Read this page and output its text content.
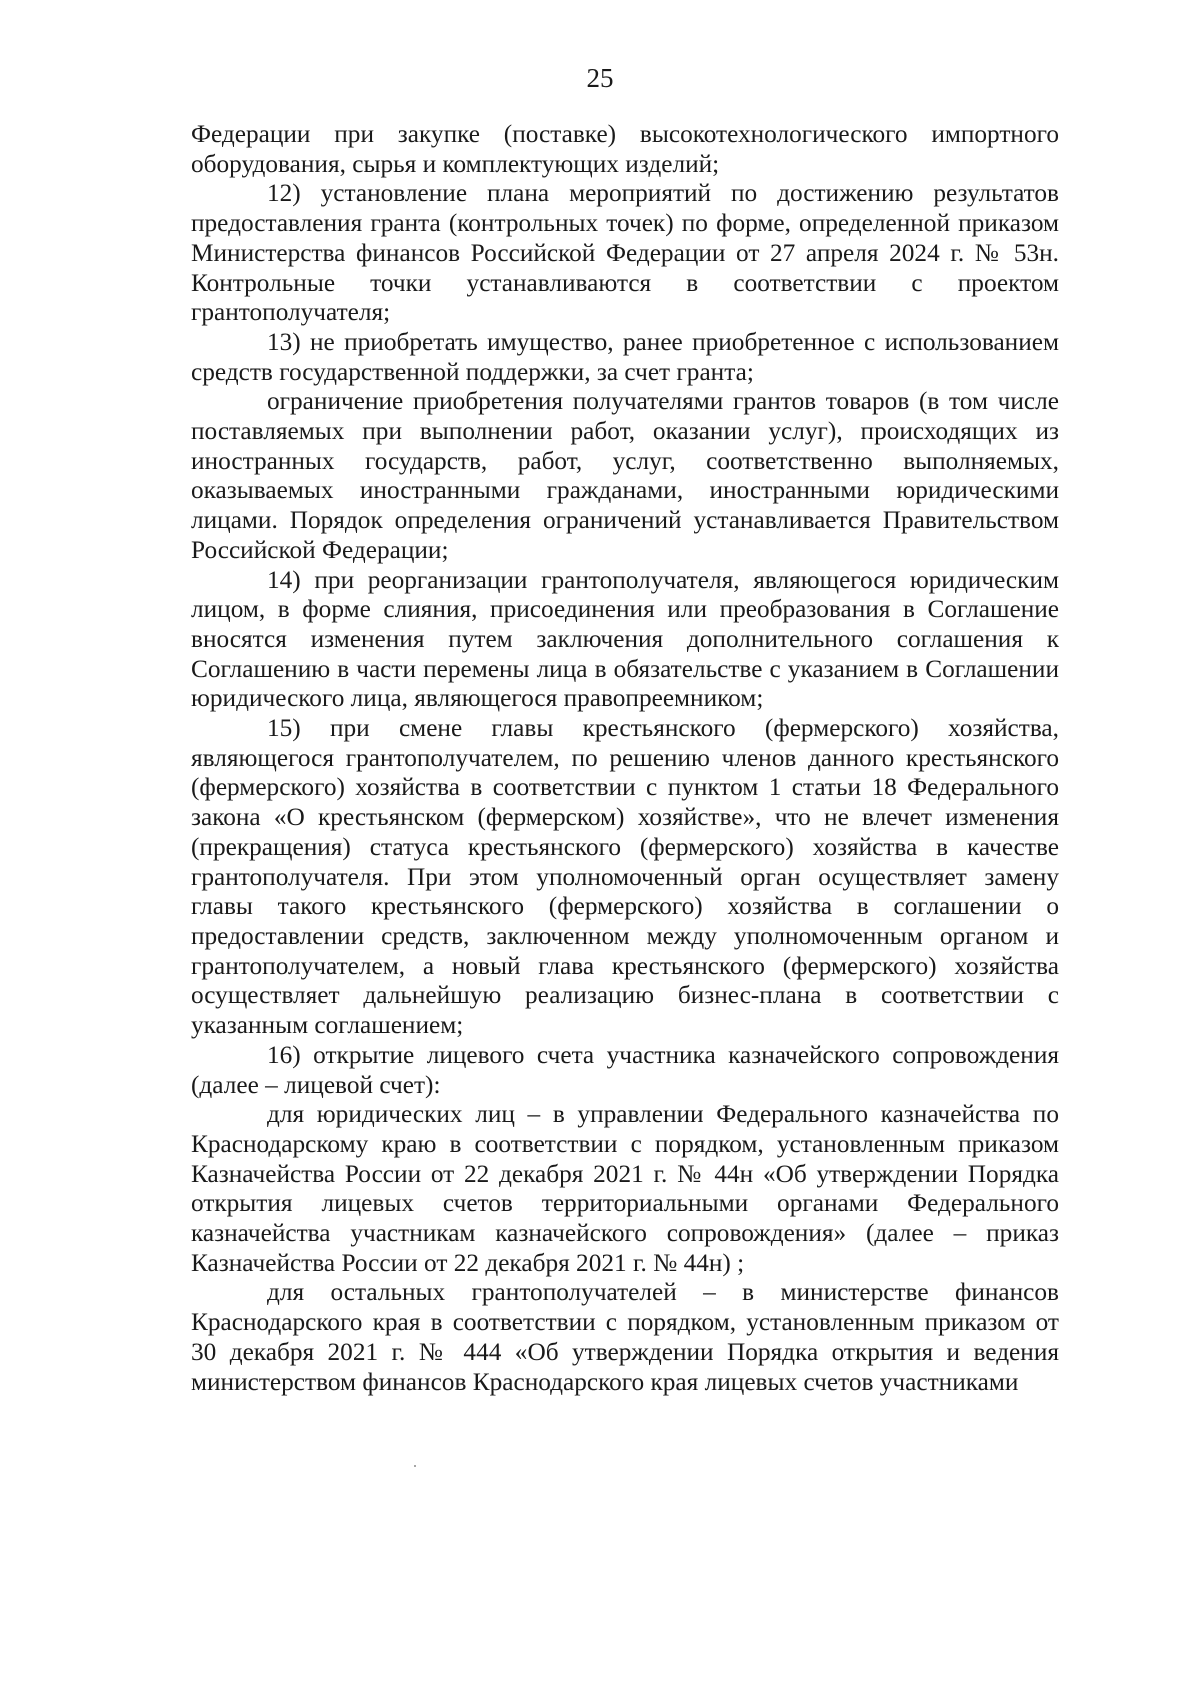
25

Федерации при закупке (поставке) высокотехнологического импортного оборудования, сырья и комплектующих изделий;

12) установление плана мероприятий по достижению результатов предоставления гранта (контрольных точек) по форме, определенной приказом Министерства финансов Российской Федерации от 27 апреля 2024 г. № 53н. Контрольные точки устанавливаются в соответствии с проектом грантополучателя;

13) не приобретать имущество, ранее приобретенное с использованием средств государственной поддержки, за счет гранта;

ограничение приобретения получателями грантов товаров (в том числе поставляемых при выполнении работ, оказании услуг), происходящих из иностранных государств, работ, услуг, соответственно выполняемых, оказываемых иностранными гражданами, иностранными юридическими лицами. Порядок определения ограничений устанавливается Правительством Российской Федерации;

14) при реорганизации грантополучателя, являющегося юридическим лицом, в форме слияния, присоединения или преобразования в Соглашение вносятся изменения путем заключения дополнительного соглашения к Соглашению в части перемены лица в обязательстве с указанием в Соглашении юридического лица, являющегося правопреемником;

15) при смене главы крестьянского (фермерского) хозяйства, являющегося грантополучателем, по решению членов данного крестьянского (фермерского) хозяйства в соответствии с пунктом 1 статьи 18 Федерального закона «О крестьянском (фермерском) хозяйстве», что не влечет изменения (прекращения) статуса крестьянского (фермерского) хозяйства в качестве грантополучателя. При этом уполномоченный орган осуществляет замену главы такого крестьянского (фермерского) хозяйства в соглашении о предоставлении средств, заключенном между уполномоченным органом и грантополучателем, а новый глава крестьянского (фермерского) хозяйства осуществляет дальнейшую реализацию бизнес-плана в соответствии с указанным соглашением;

16) открытие лицевого счета участника казначейского сопровождения (далее – лицевой счет):

для юридических лиц – в управлении Федерального казначейства по Краснодарскому краю в соответствии с порядком, установленным приказом Казначейства России от 22 декабря 2021 г. № 44н «Об утверждении Порядка открытия лицевых счетов территориальными органами Федерального казначейства участникам казначейского сопровождения» (далее – приказ Казначейства России от 22 декабря 2021 г. № 44н) ;

для остальных грантополучателей – в министерстве финансов Краснодарского края в соответствии с порядком, установленным приказом от 30 декабря 2021 г. № 444 «Об утверждении Порядка открытия и ведения министерством финансов Краснодарского края лицевых счетов участниками
